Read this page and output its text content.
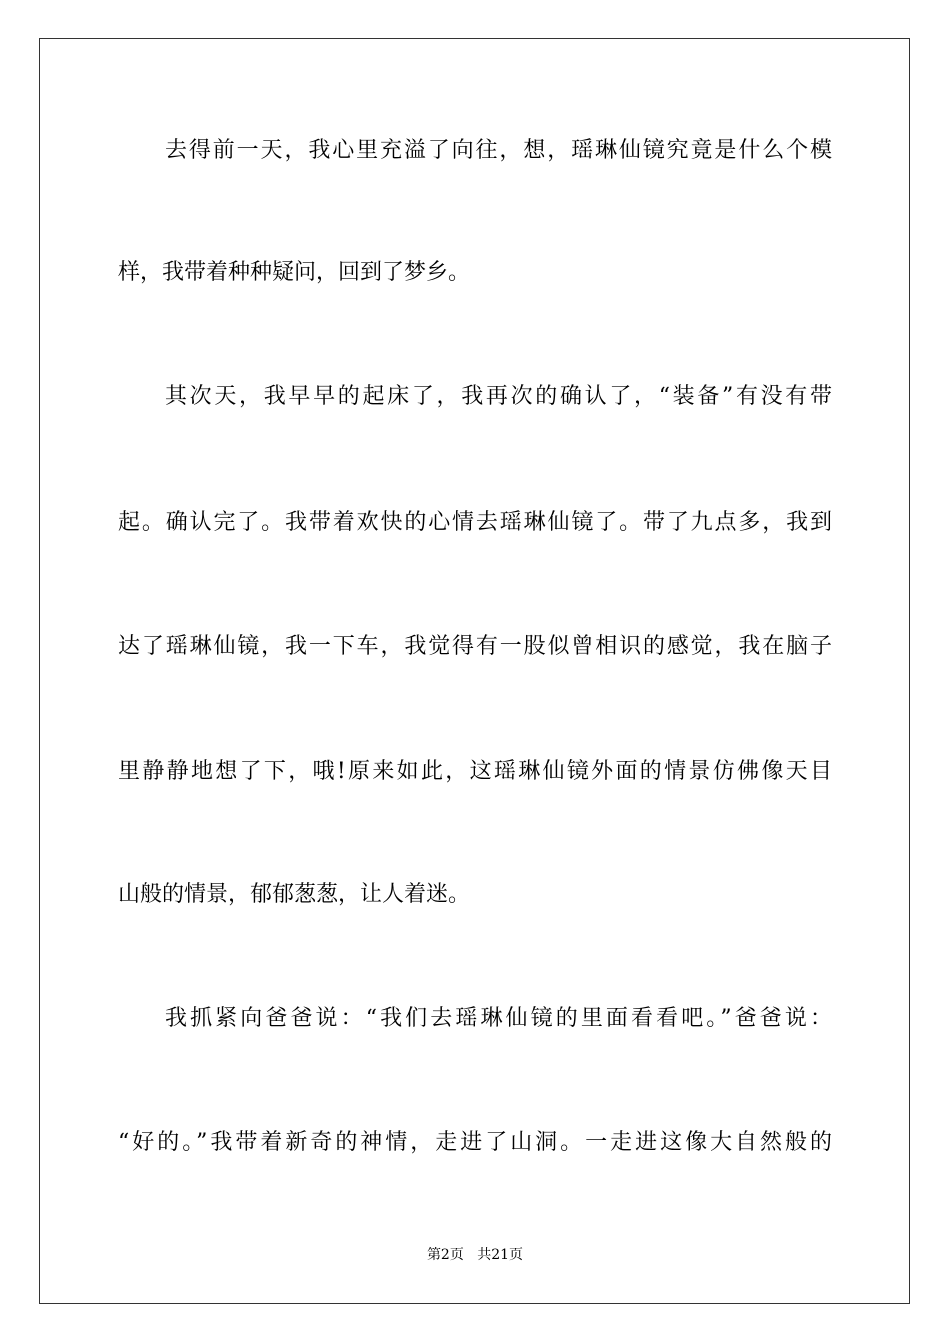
去得前一天，我心里充溢了向往，想，瑶琳仙镜究竟是什么个模
样，我带着种种疑问，回到了梦乡。
其次天，我早早的起床了，我再次的确认了，“装备”有没有带
起。确认完了。我带着欢快的心情去瑶琳仙镜了。带了九点多，我到
达了瑶琳仙镜，我一下车，我觉得有一股似曾相识的感觉，我在脑子
里静静地想了下，哦!原来如此，这瑶琳仙镜外面的情景仿佛像天目
山般的情景，郁郁葱葱，让人着迷。
我抓紧向爸爸说：“我们去瑶琳仙镜的里面看看吧。”爸爸说：
“好的。”我带着新奇的神情，走进了山洞。一走进这像大自然般的
第2页 共21页
